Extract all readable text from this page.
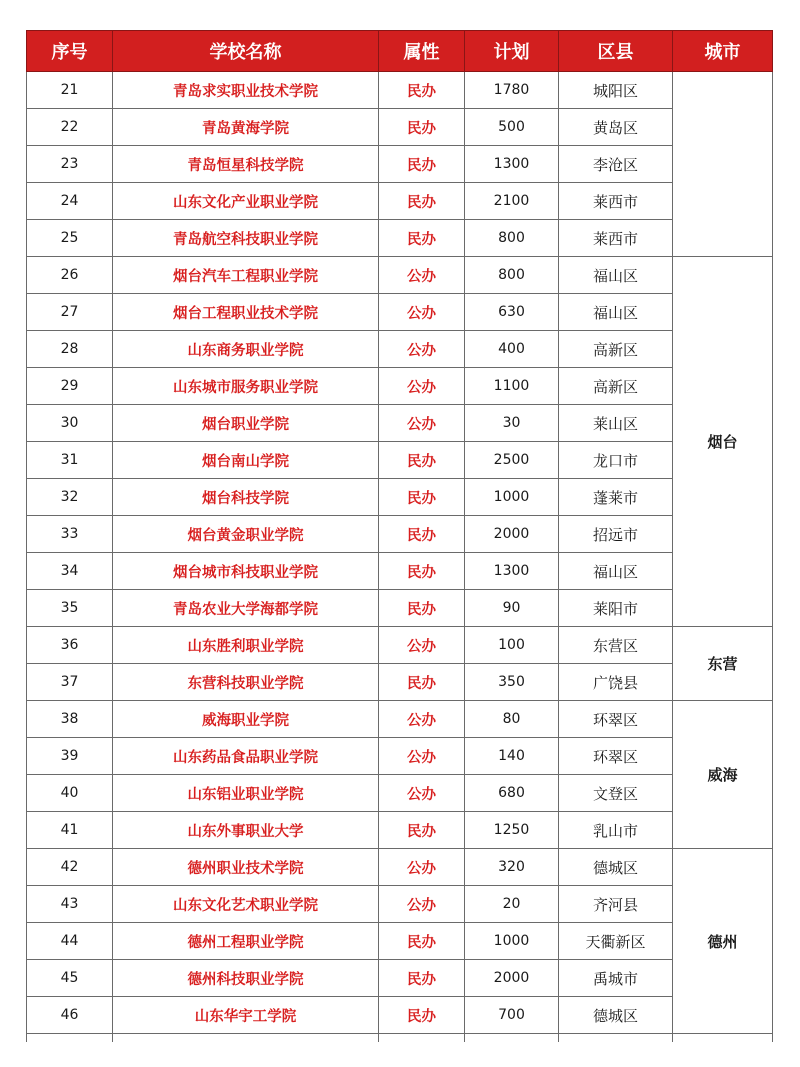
序号	学校名称	属性	计划	区县	城市
21	青岛求实职业技术学院	民办	1780	城阳区	
22	青岛黄海学院	民办	500	黄岛区	
23	青岛恒星科技学院	民办	1300	李沧区	
24	山东文化产业职业学院	民办	2100	莱西市	
25	青岛航空科技职业学院	民办	800	莱西市	
26	烟台汽车工程职业学院	公办	800	福山区	烟台
27	烟台工程职业技术学院	公办	630	福山区	
28	山东商务职业学院	公办	400	高新区	
29	山东城市服务职业学院	公办	1100	高新区	
30	烟台职业学院	公办	30	莱山区	
31	烟台南山学院	民办	2500	龙口市	
32	烟台科技学院	民办	1000	蓬莱市	
33	烟台黄金职业学院	民办	2000	招远市	
34	烟台城市科技职业学院	民办	1300	福山区	
35	青岛农业大学海都学院	民办	90	莱阳市	
36	山东胜利职业学院	公办	100	东营区	东营
37	东营科技职业学院	民办	350	广饶县	
38	威海职业学院	公办	80	环翠区	威海
39	山东药品食品职业学院	公办	140	环翠区	
40	山东铝业职业学院	公办	680	文登区	
41	山东外事职业大学	民办	1250	乳山市	
42	德州职业技术学院	公办	320	德城区	德州
43	山东文化艺术职业学院	公办	20	齐河县	
44	德州工程职业学院	民办	1000	天衢新区	
45	德州科技职业学院	民办	2000	禹城市	
46	山东华宇工学院	民办	700	德城区	
